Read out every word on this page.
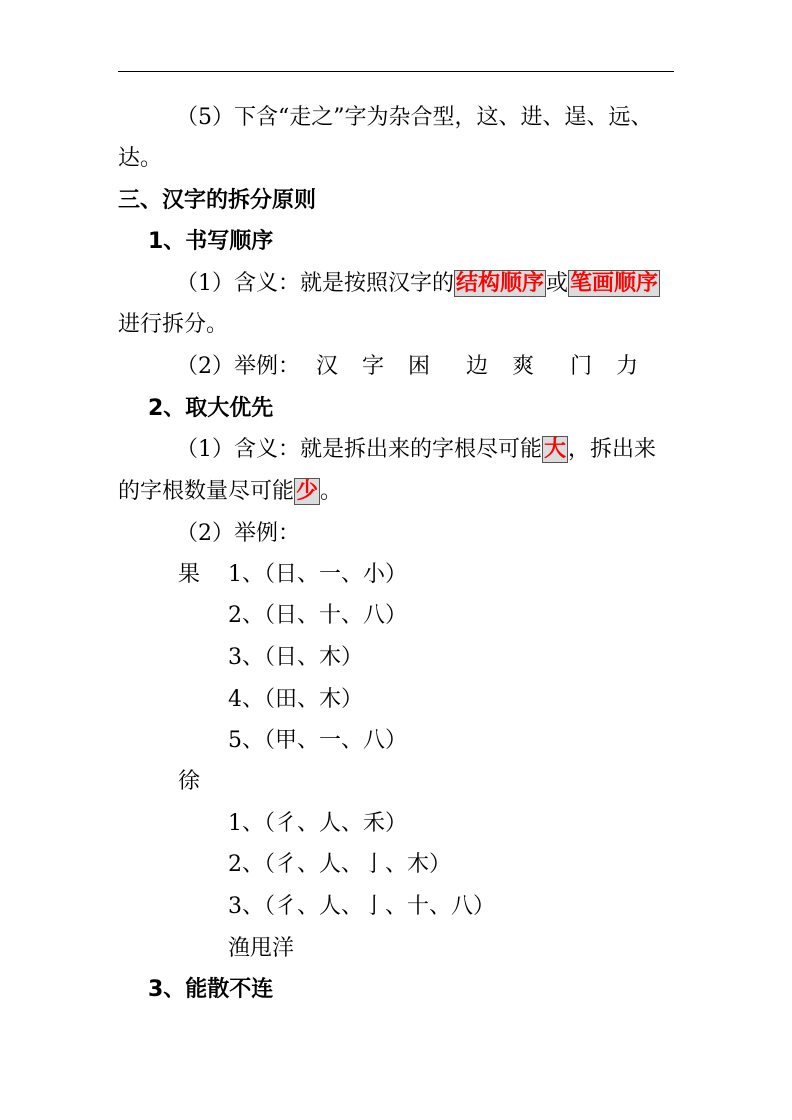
（5）下含“走之”字为杂合型，这、进、逞、远、
达。
三、汉字的拆分原则
1、书写顺序
（1）含义：就是按照汉字的结构顺序或笔画顺序
进行拆分。
（2）举例： 汉 字 困 边 爽 门 力
2、取大优先
（1）含义：就是拆出来的字根尽可能大，拆出来
的字根数量尽可能少。
（2）举例：
果 1、（日、一、小）
2、（日、十、八）
3、（日、木）
4、（田、木）
5、（甲、一、八）
徐
1、（彳、人、禾）
2、（彳、人、亅、木）
3、（彳、人、亅、十、八）
渔甩洋
3、能散不连
